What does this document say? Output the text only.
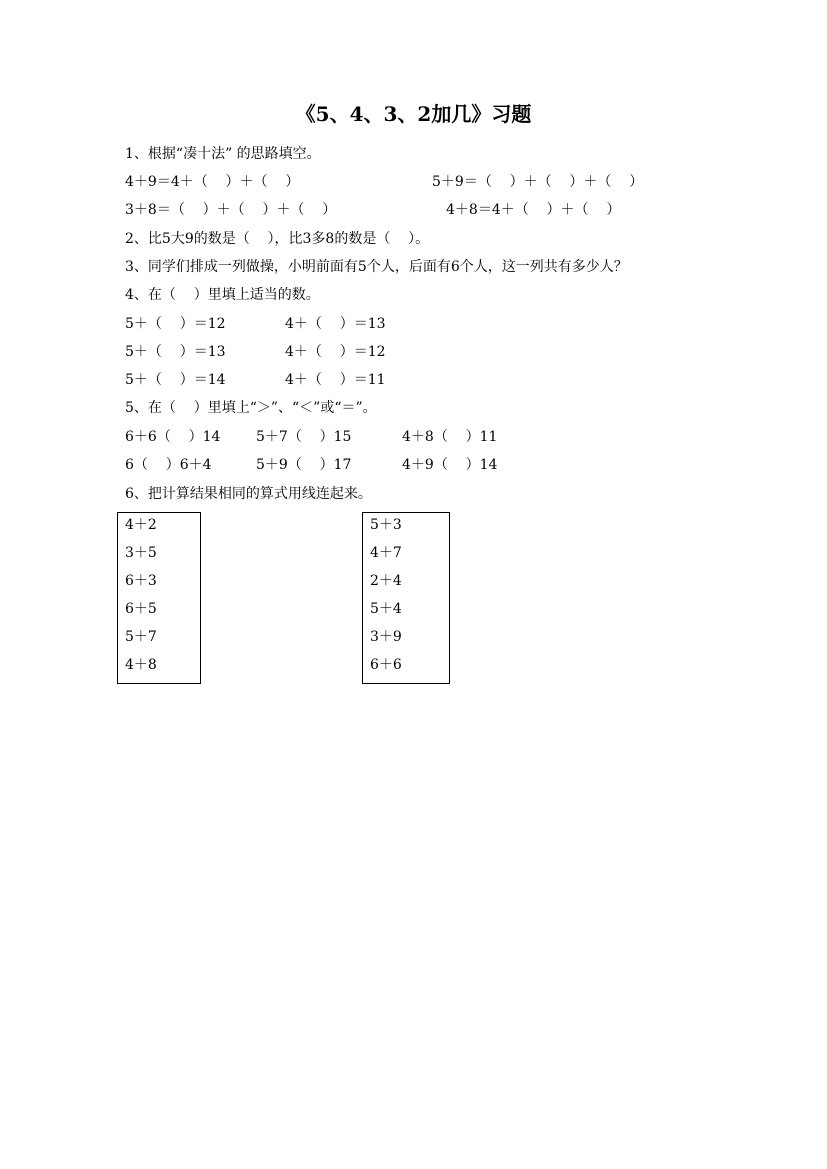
《5、4、3、2加几》习题
1、根据“凑十法” 的思路填空。
4＋9＝4＋（    ）＋（    ）	5＋9＝（    ）＋（    ）＋（    ）
3＋8＝（    ）＋（    ）＋（    ）	4＋8＝4＋（    ）＋（    ）
2、比5大9的数是（    ），比3多8的数是（    ）。
3、同学们排成一列做操，小明前面有5个人，后面有6个人，这一列共有多少人？
4、在（    ）里填上适当的数。
5＋（    ）＝12	4＋（    ）＝13
5＋（    ）＝13	4＋（    ）＝12
5＋（    ）＝14	4＋（    ）＝11
5、在（    ）里填上“＞”、“＜”或“＝”。
6＋6（    ）14	5＋7（    ）15	4＋8（    ）11
6（    ）6＋4	5＋9（    ）17	4＋9（    ）14
6、把计算结果相同的算式用线连起来。
4＋2
3＋5
6＋3
6＋5
5＋7
4＋8
5＋3
4＋7
2＋4
5＋4
3＋9
6＋6
